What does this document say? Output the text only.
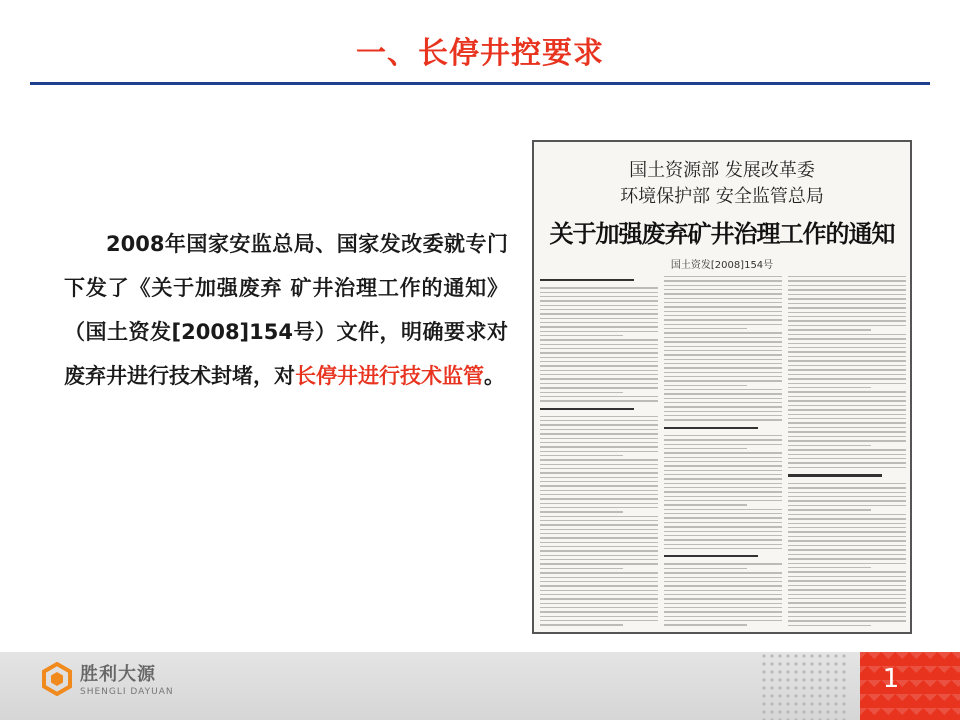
一、长停井控要求
2008年国家安监总局、国家发改委就专门下发了《关于加强废弃 矿井治理工作的通知》（国土资发[2008]154号）文件，明确要求对废弃井进行技术封堵，对长停井进行技术监管。
国土资源部 发展改革委
环境保护部 安全监管总局
关于加强废弃矿井治理工作的通知
国土资发[2008]154号
胜利大源
SHENGLI DAYUAN	1
